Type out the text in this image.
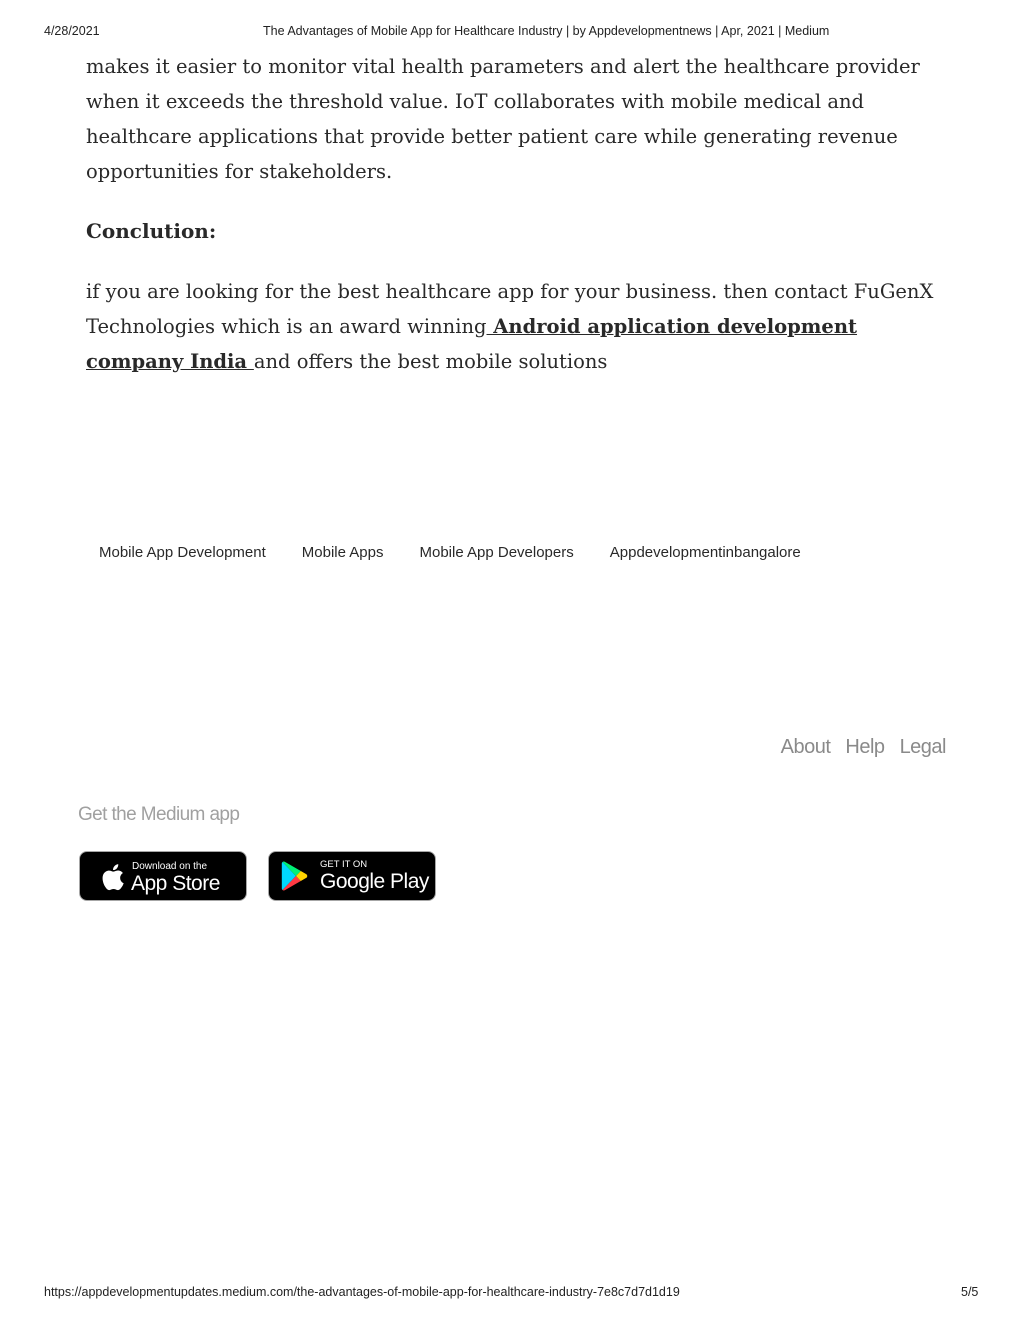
4/28/2021	The Advantages of Mobile App for Healthcare Industry | by Appdevelopmentnews | Apr, 2021 | Medium

makes it easier to monitor vital health parameters and alert the healthcare provider when it exceeds the threshold value. IoT collaborates with mobile medical and healthcare applications that provide better patient care while generating revenue opportunities for stakeholders.

Conclution:

if you are looking for the best healthcare app for your business. then contact FuGenX Technologies which is an award winning Android application development company India and offers the best mobile solutions

Mobile App Development	Mobile Apps	Mobile App Developers	Appdevelopmentinbangalore
About Help Legal
Get the Medium app
Download on the
App Store
GET IT ON
Google Play
https://appdevelopmentupdates.medium.com/the-advantages-of-mobile-app-for-healthcare-industry-7e8c7d7d1d19	5/5
